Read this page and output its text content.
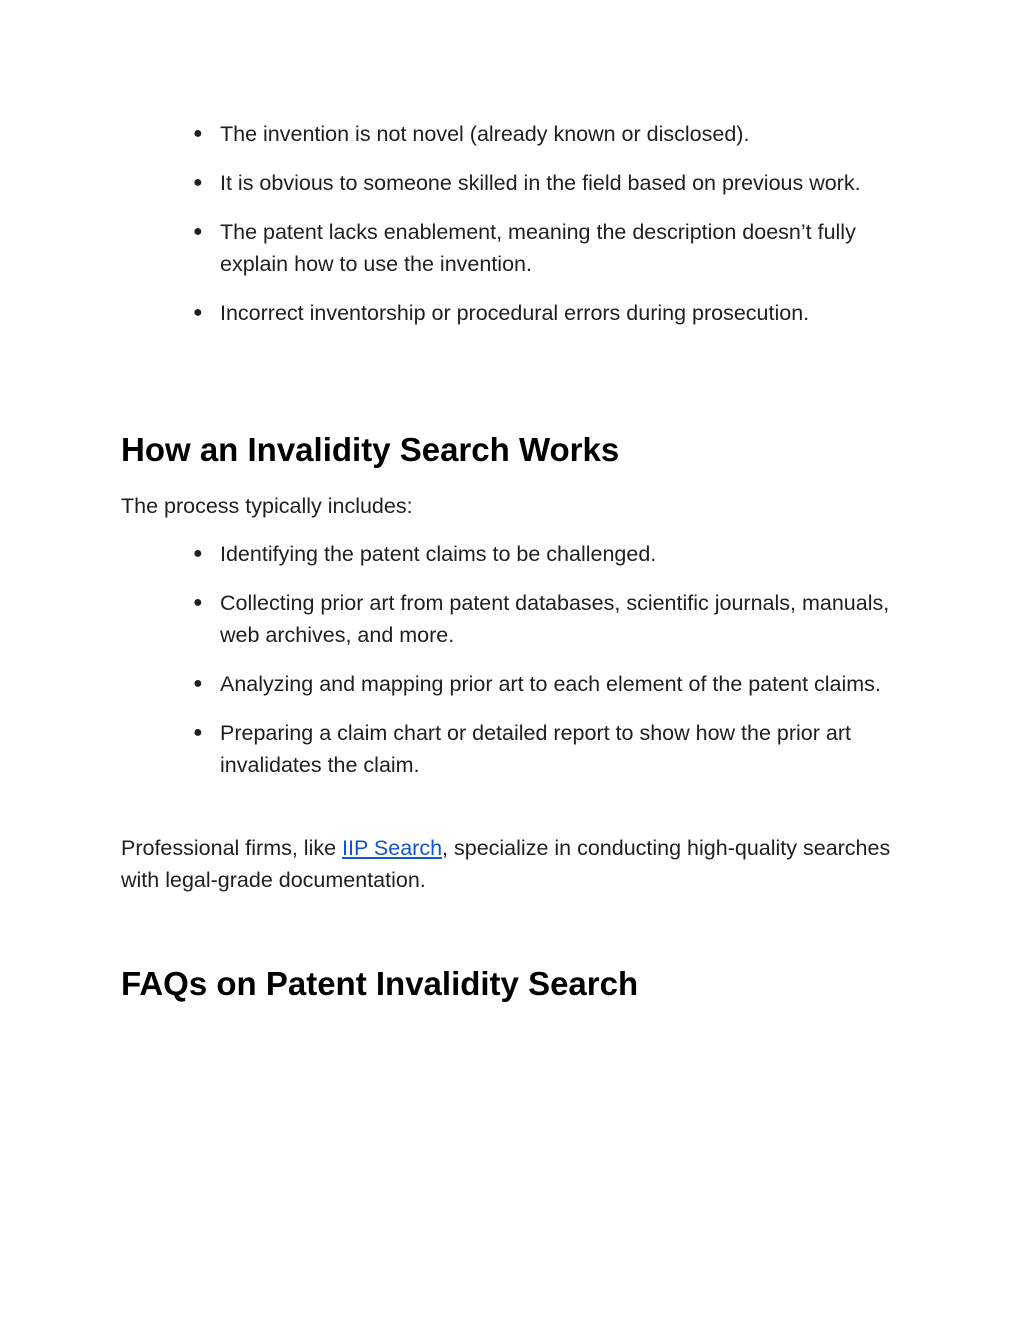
● The invention is not novel (already known or disclosed).
● It is obvious to someone skilled in the field based on previous work.
● The patent lacks enablement, meaning the description doesn’t fully explain how to use the invention.
● Incorrect inventorship or procedural errors during prosecution.
How an Invalidity Search Works

The process typically includes:

● Identifying the patent claims to be challenged.
● Collecting prior art from patent databases, scientific journals, manuals, web archives, and more.
● Analyzing and mapping prior art to each element of the patent claims.
● Preparing a claim chart or detailed report to show how the prior art invalidates the claim.

Professional firms, like IIP Search, specialize in conducting high-quality searches with legal-grade documentation.

FAQs on Patent Invalidity Search
